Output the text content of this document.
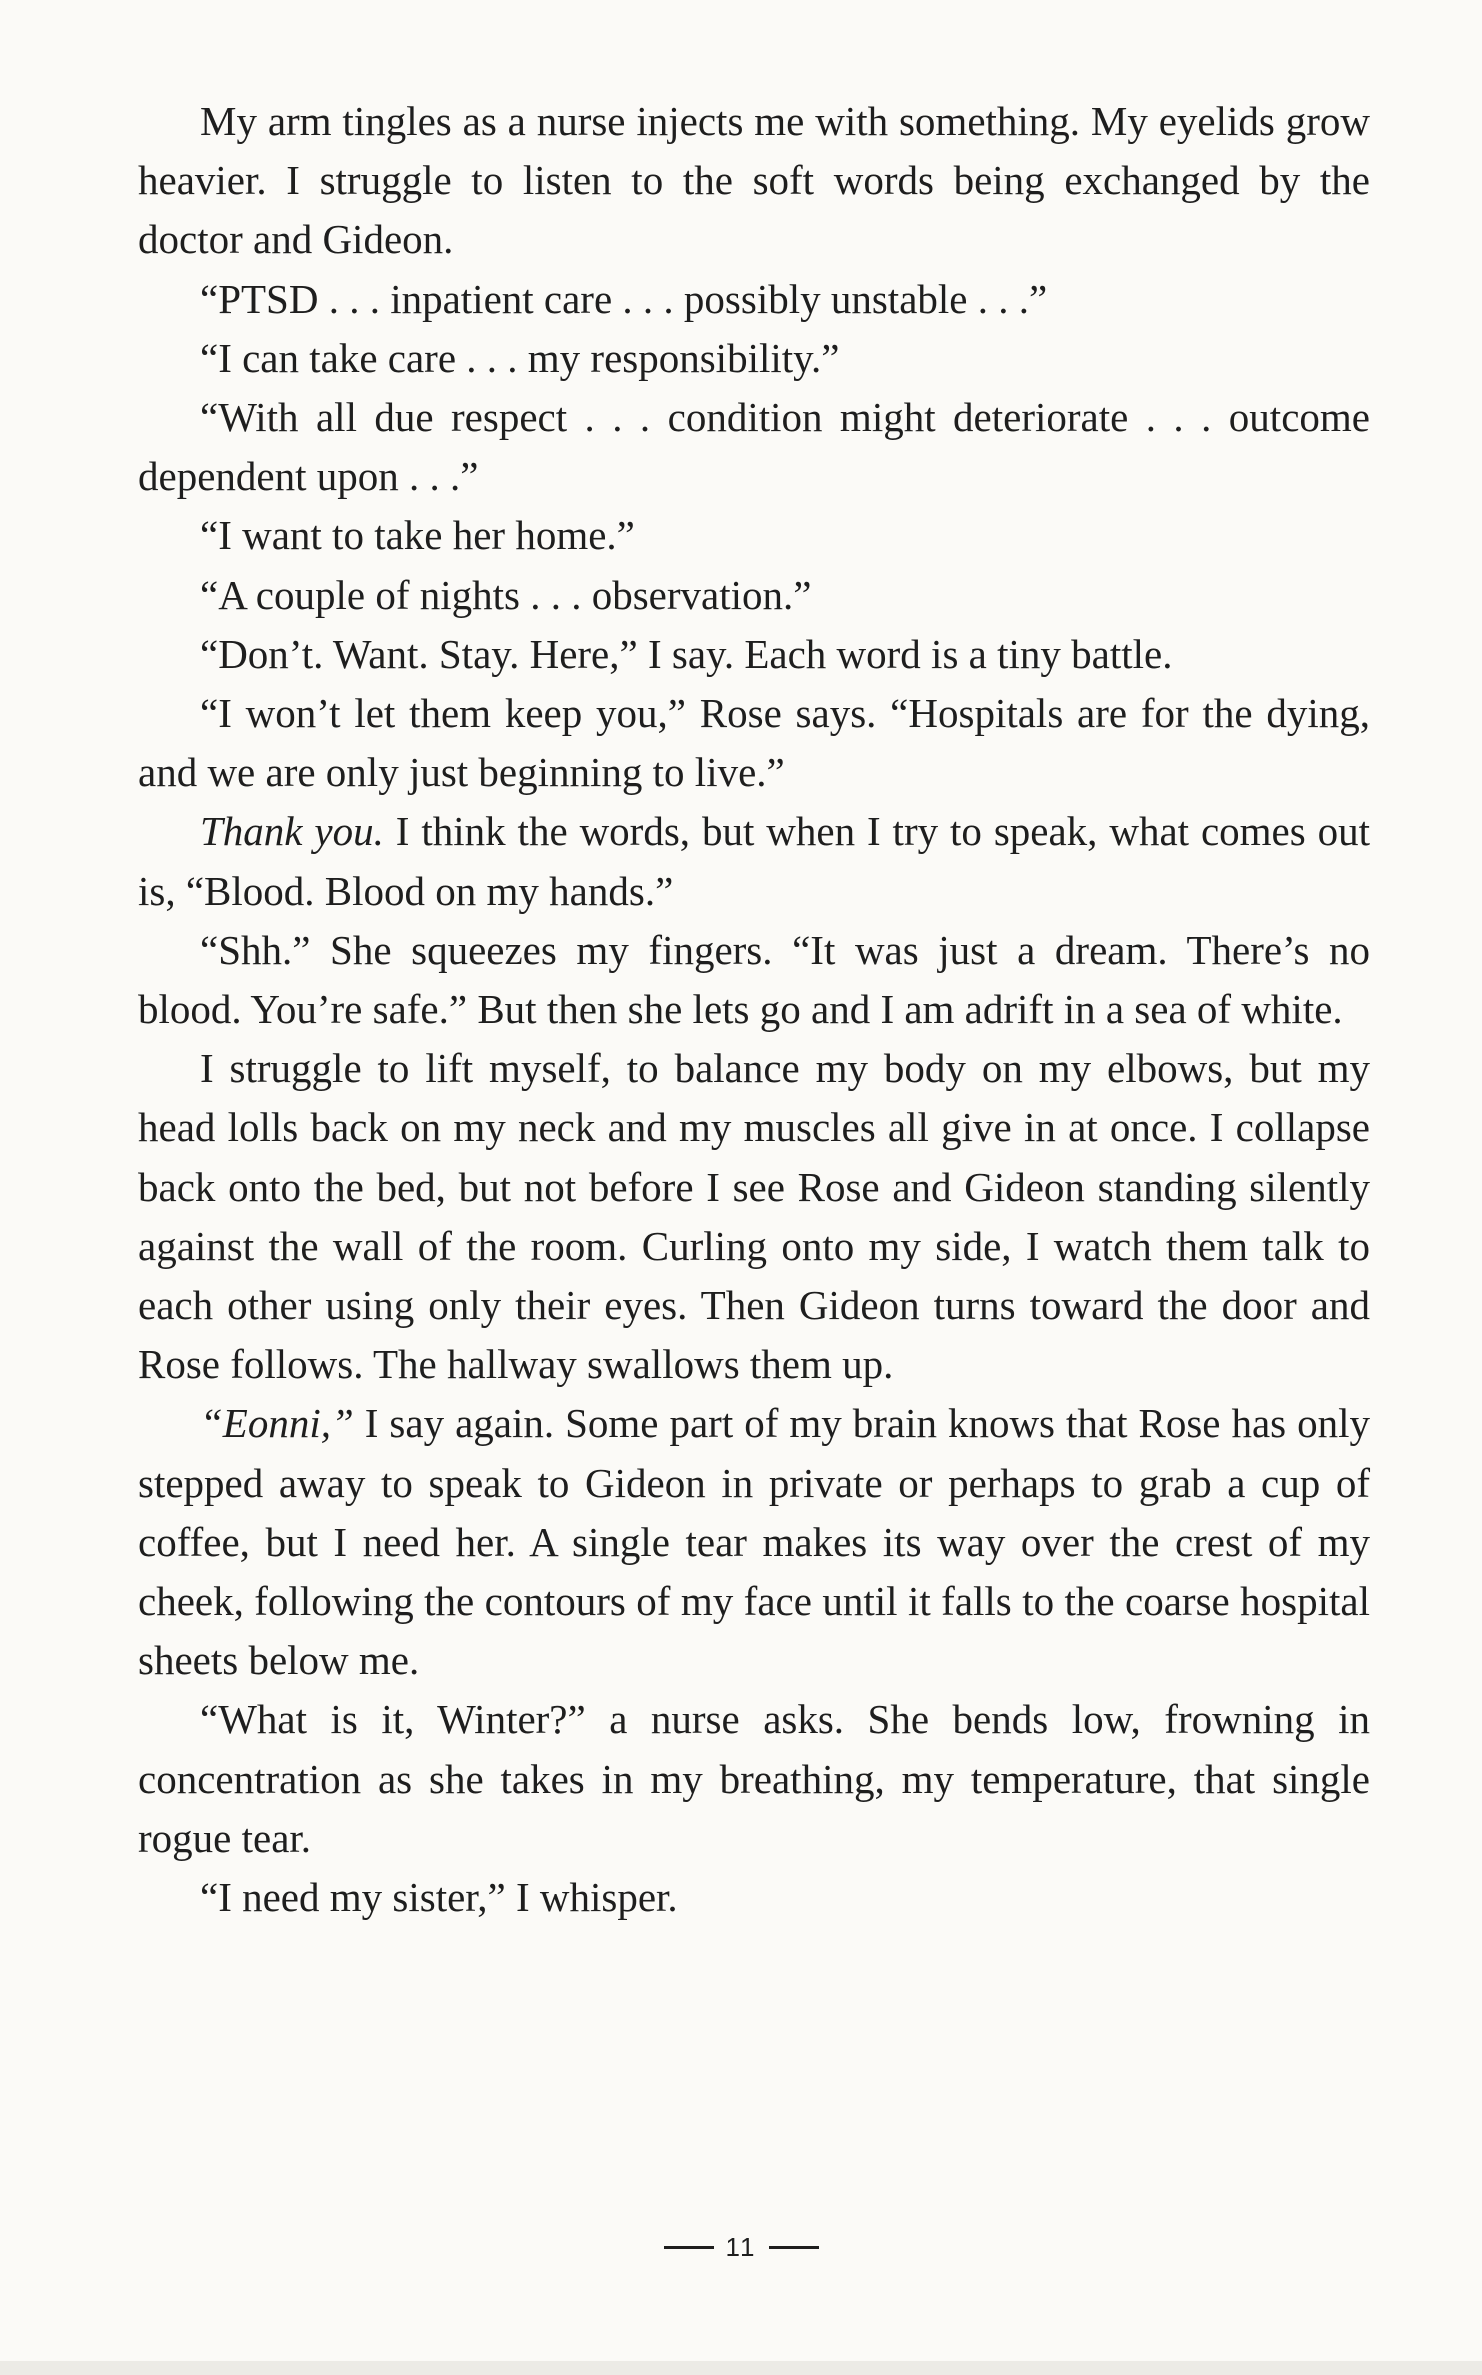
My arm tingles as a nurse injects me with something. My eyelids grow heavier. I struggle to listen to the soft words being exchanged by the doctor and Gideon.

“PTSD . . . inpatient care . . . possibly unstable . . .”

“I can take care . . . my responsibility.”

“With all due respect . . . condition might deteriorate . . . outcome dependent upon . . .”

“I want to take her home.”

“A couple of nights . . . observation.”

“Don’t. Want. Stay. Here,” I say. Each word is a tiny battle.

“I won’t let them keep you,” Rose says. “Hospitals are for the dying, and we are only just beginning to live.”

Thank you. I think the words, but when I try to speak, what comes out is, “Blood. Blood on my hands.”

“Shh.” She squeezes my fingers. “It was just a dream. There’s no blood. You’re safe.” But then she lets go and I am adrift in a sea of white.

I struggle to lift myself, to balance my body on my elbows, but my head lolls back on my neck and my muscles all give in at once. I collapse back onto the bed, but not before I see Rose and Gideon standing silently against the wall of the room. Curling onto my side, I watch them talk to each other using only their eyes. Then Gideon turns toward the door and Rose follows. The hallway swallows them up.

“Eonni,” I say again. Some part of my brain knows that Rose has only stepped away to speak to Gideon in private or perhaps to grab a cup of coffee, but I need her. A single tear makes its way over the crest of my cheek, following the contours of my face until it falls to the coarse hospital sheets below me.

“What is it, Winter?” a nurse asks. She bends low, frowning in concentration as she takes in my breathing, my temperature, that single rogue tear.

“I need my sister,” I whisper.

11
